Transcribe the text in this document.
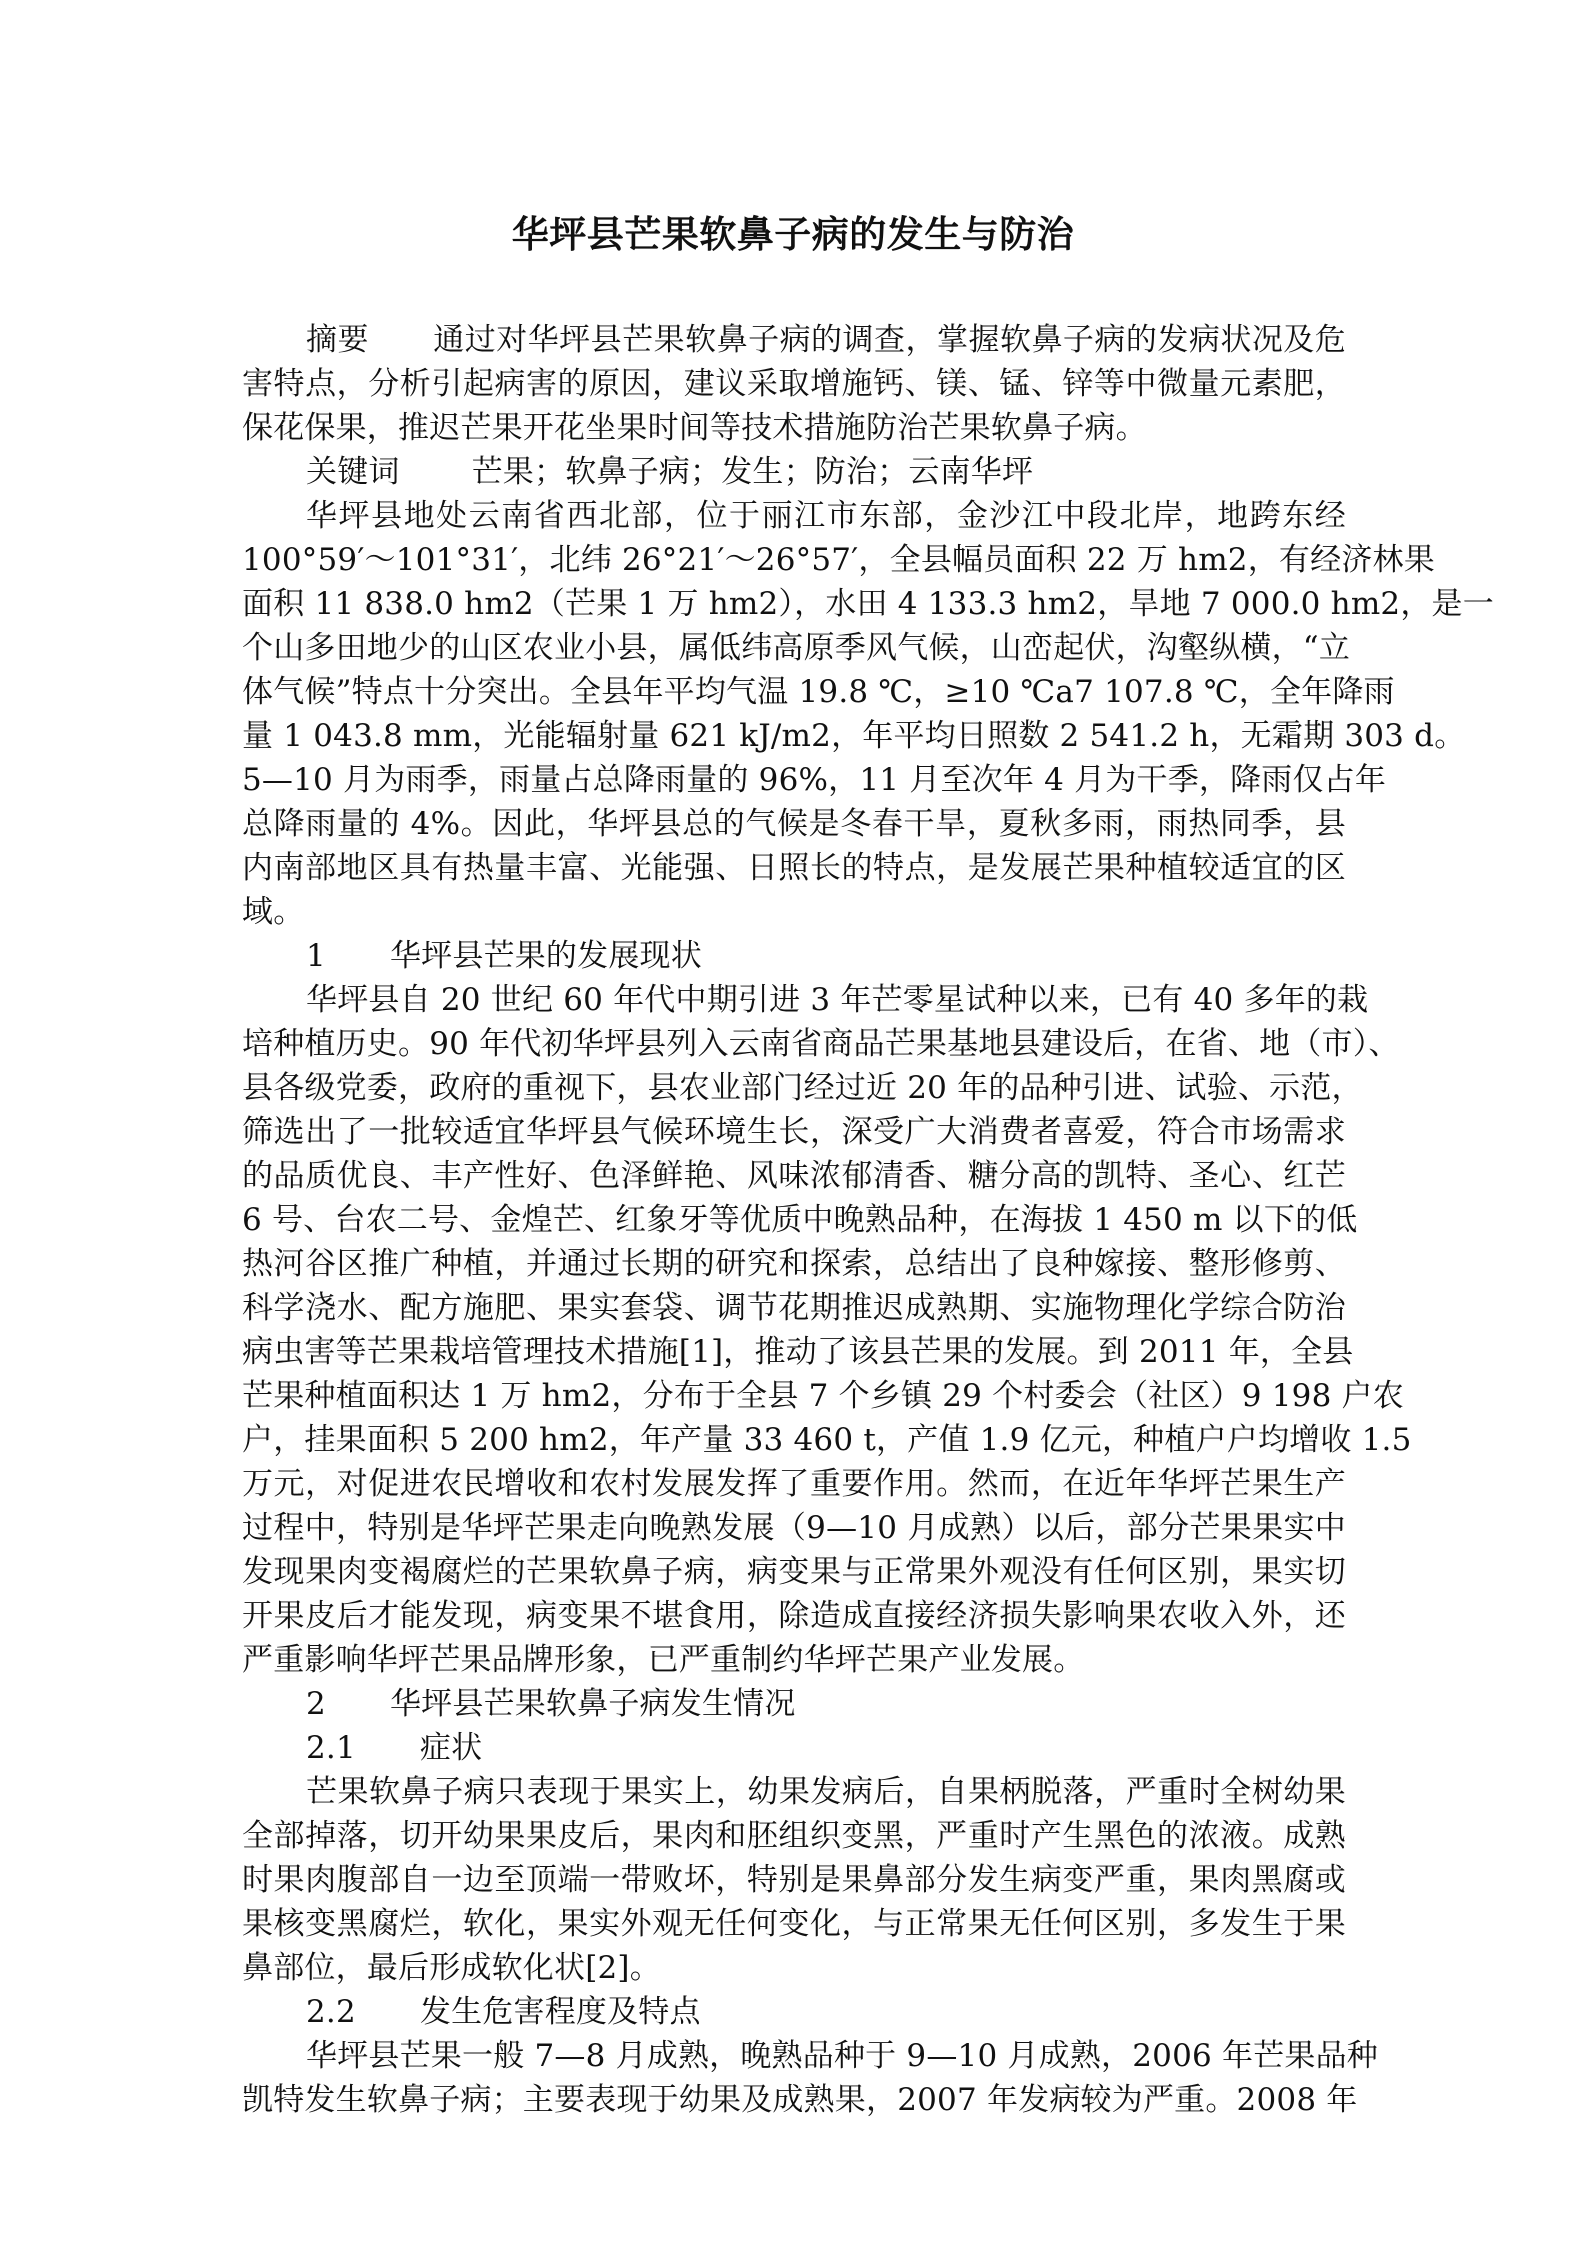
华坪县芒果软鼻子病的发生与防治
摘要 通过对华坪县芒果软鼻子病的调查，掌握软鼻子病的发病状况及危
害特点，分析引起病害的原因，建议采取增施钙、镁、锰、锌等中微量元素肥，
保花保果，推迟芒果开花坐果时间等技术措施防治芒果软鼻子病。
关键词 芒果；软鼻子病；发生；防治；云南华坪
华坪县地处云南省西北部，位于丽江市东部，金沙江中段北岸，地跨东经
100°59′～101°31′，北纬 26°21′～26°57′，全县幅员面积 22 万 hm2，有经济林果
面积 11 838.0 hm2（芒果 1 万 hm2），水田 4 133.3 hm2，旱地 7 000.0 hm2，是一
个山多田地少的山区农业小县，属低纬高原季风气候，山峦起伏，沟壑纵横，“立
体气候”特点十分突出。全县年平均气温 19.8 ℃，≥10 ℃a7 107.8 ℃，全年降雨
量 1 043.8 mm，光能辐射量 621 kJ/m2，年平均日照数 2 541.2 h，无霜期 303 d。
5—10 月为雨季，雨量占总降雨量的 96%，11 月至次年 4 月为干季，降雨仅占年
总降雨量的 4%。因此，华坪县总的气候是冬春干旱，夏秋多雨，雨热同季，县
内南部地区具有热量丰富、光能强、日照长的特点，是发展芒果种植较适宜的区
域。
1 华坪县芒果的发展现状
华坪县自 20 世纪 60 年代中期引进 3 年芒零星试种以来，已有 40 多年的栽
培种植历史。90 年代初华坪县列入云南省商品芒果基地县建设后，在省、地（市）、
县各级党委，政府的重视下，县农业部门经过近 20 年的品种引进、试验、示范，
筛选出了一批较适宜华坪县气候环境生长，深受广大消费者喜爱，符合市场需求
的品质优良、丰产性好、色泽鲜艳、风味浓郁清香、糖分高的凯特、圣心、红芒
6 号、台农二号、金煌芒、红象牙等优质中晚熟品种，在海拔 1 450 m 以下的低
热河谷区推广种植，并通过长期的研究和探索，总结出了良种嫁接、整形修剪、
科学浇水、配方施肥、果实套袋、调节花期推迟成熟期、实施物理化学综合防治
病虫害等芒果栽培管理技术措施[1]，推动了该县芒果的发展。到 2011 年，全县
芒果种植面积达 1 万 hm2，分布于全县 7 个乡镇 29 个村委会（社区）9 198 户农
户，挂果面积 5 200 hm2，年产量 33 460 t，产值 1.9 亿元，种植户户均增收 1.5
万元，对促进农民增收和农村发展发挥了重要作用。然而，在近年华坪芒果生产
过程中，特别是华坪芒果走向晚熟发展（9—10 月成熟）以后，部分芒果果实中
发现果肉变褐腐烂的芒果软鼻子病，病变果与正常果外观没有任何区别，果实切
开果皮后才能发现，病变果不堪食用，除造成直接经济损失影响果农收入外，还
严重影响华坪芒果品牌形象，已严重制约华坪芒果产业发展。
2 华坪县芒果软鼻子病发生情况
2.1 症状
芒果软鼻子病只表现于果实上，幼果发病后，自果柄脱落，严重时全树幼果
全部掉落，切开幼果果皮后，果肉和胚组织变黑，严重时产生黑色的浓液。成熟
时果肉腹部自一边至顶端一带败坏，特别是果鼻部分发生病变严重，果肉黑腐或
果核变黑腐烂，软化，果实外观无任何变化，与正常果无任何区别，多发生于果
鼻部位，最后形成软化状[2]。
2.2 发生危害程度及特点
华坪县芒果一般 7—8 月成熟，晚熟品种于 9—10 月成熟，2006 年芒果品种
凯特发生软鼻子病；主要表现于幼果及成熟果，2007 年发病较为严重。2008 年
